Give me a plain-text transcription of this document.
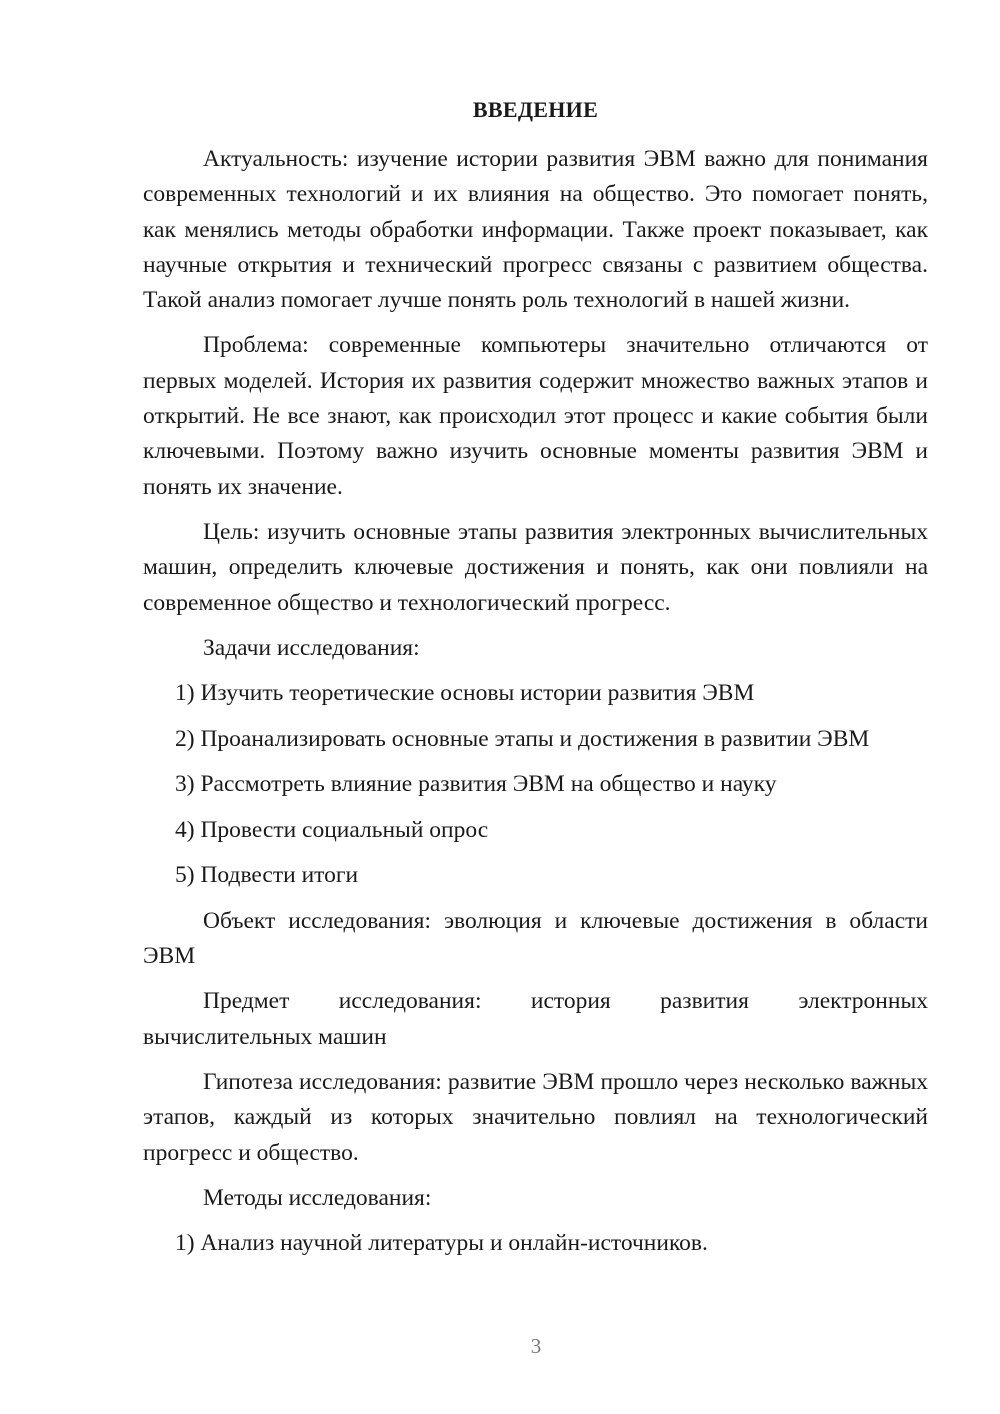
ВВЕДЕНИЕ

Актуальность: изучение истории развития ЭВМ важно для понимания современных технологий и их влияния на общество. Это помогает понять, как менялись методы обработки информации. Также проект показывает, как научные открытия и технический прогресс связаны с развитием общества. Такой анализ помогает лучше понять роль технологий в нашей жизни.

Проблема: современные компьютеры значительно отличаются от первых моделей. История их развития содержит множество важных этапов и открытий. Не все знают, как происходил этот процесс и какие события были ключевыми. Поэтому важно изучить основные моменты развития ЭВМ и понять их значение.

Цель: изучить основные этапы развития электронных вычислительных машин, определить ключевые достижения и понять, как они повлияли на современное общество и технологический прогресс.

Задачи исследования:

1) Изучить теоретические основы истории развития ЭВМ
2) Проанализировать основные этапы и достижения в развитии ЭВМ
3) Рассмотреть влияние развития ЭВМ на общество и науку
4) Провести социальный опрос
5) Подвести итоги

Объект исследования: эволюция и ключевые достижения в области ЭВМ

Предмет исследования: история развития электронных вычислительных машин

Гипотеза исследования: развитие ЭВМ прошло через несколько важных этапов, каждый из которых значительно повлиял на технологический прогресс и общество.

Методы исследования:

1) Анализ научной литературы и онлайн-источников.
3
